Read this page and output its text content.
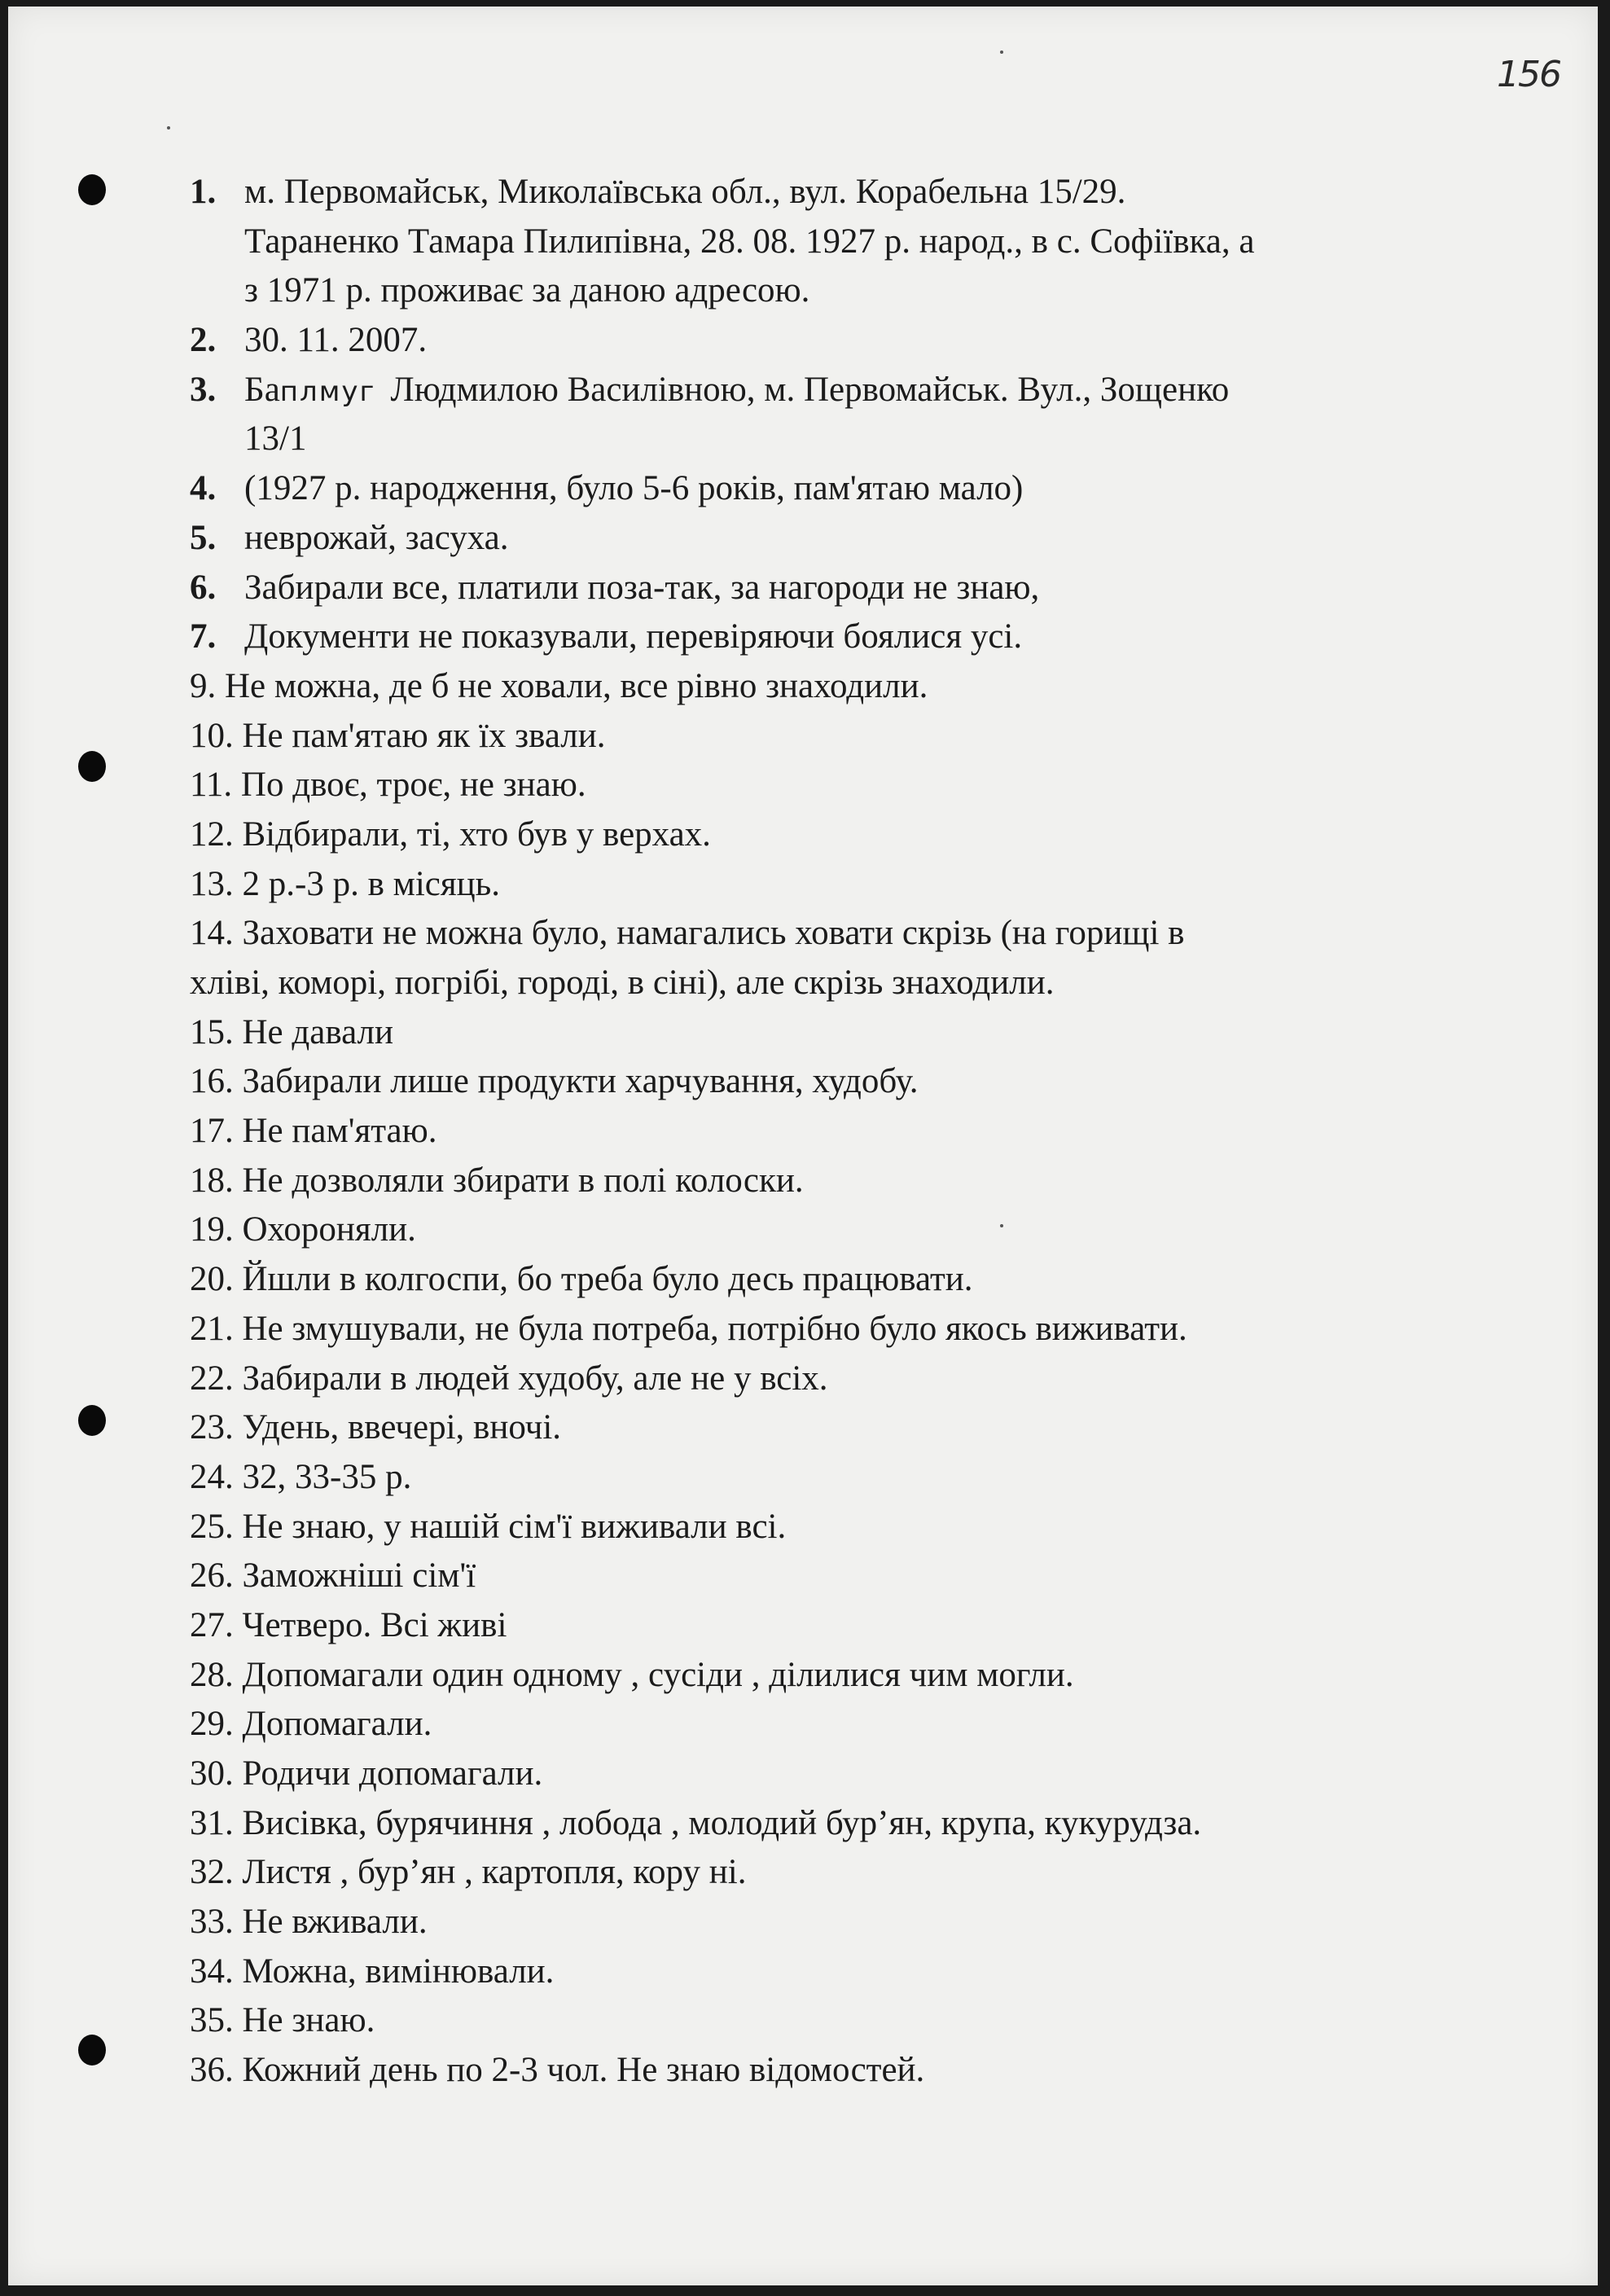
156
1. м. Первомайськ, Миколаївська обл., вул. Корабельна 15/29.
Тараненко Тамара Пилипівна, 28. 08. 1927 р. народ., в с. Софіївка, а
з 1971 р. проживає за даною адресою.
2. 30. 11. 2007.
3. Баплмуг Людмилою Василівною, м. Первомайськ. Вул., Зощенко
13/1
4. (1927 р. народження, було 5-6 років, пам'ятаю мало)
5. неврожай, засуха.
6. Забирали все, платили поза-так, за нагороди не знаю,
7. Документи не показували, перевіряючи боялися усі.
9. Не можна, де б не ховали, все рівно знаходили.
10. Не пам'ятаю як їх звали.
11. По двоє, троє, не знаю.
12. Відбирали, ті, хто був у верхах.
13. 2 р.-3 р. в місяць.
14. Заховати не можна було, намагались ховати скрізь (на горищі в
хліві, коморі, погрібі, городі, в сіні), але скрізь знаходили.
15. Не давали
16. Забирали лише продукти харчування, худобу.
17. Не пам'ятаю.
18. Не дозволяли збирати в полі колоски.
19. Охороняли.
20. Йшли в колгоспи, бо треба було десь працювати.
21. Не змушували, не була потреба, потрібно було якось виживати.
22. Забирали в людей худобу, але не у всіх.
23. Удень, ввечері, вночі.
24. 32, 33-35 р.
25. Не знаю, у нашій сім'ї виживали всі.
26. Заможніші сім'ї
27. Четверо. Всі живі
28. Допомагали один одному , сусіди , ділилися чим могли.
29. Допомагали.
30. Родичи допомагали.
31. Висівка, бурячиння , лобода , молодий бур’ян, крупа, кукурудза.
32. Листя , бур’ян , картопля, кору ні.
33. Не вживали.
34. Можна, вимінювали.
35. Не знаю.
36. Кожний день по 2-3 чол. Не знаю відомостей.
